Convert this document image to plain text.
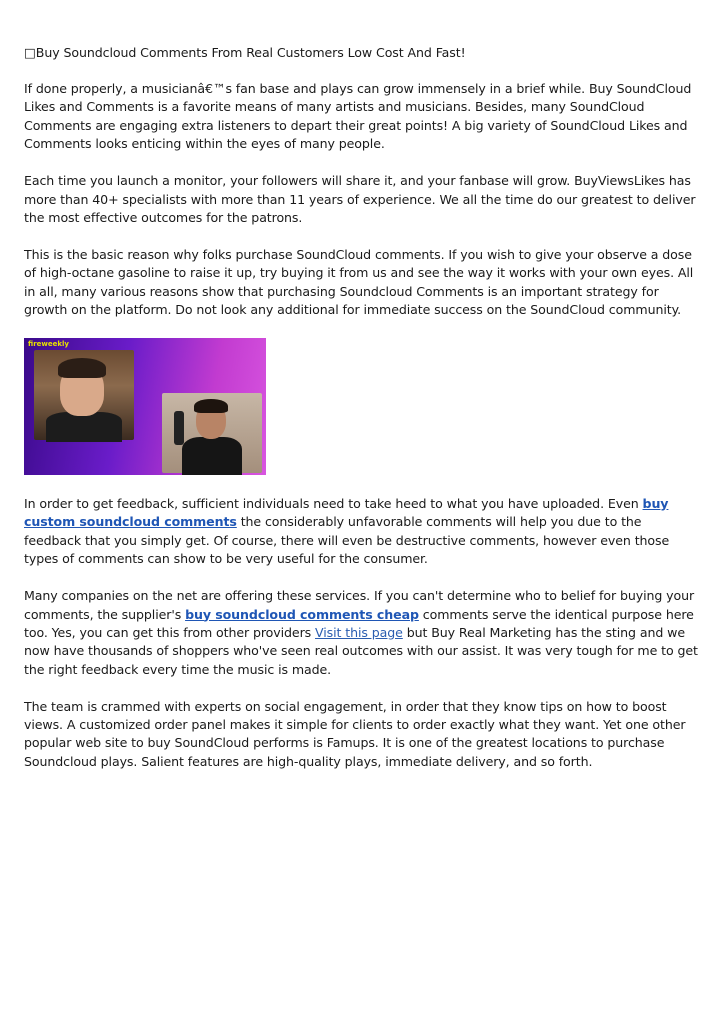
□Buy Soundcloud Comments From Real Customers Low Cost And Fast!

If done properly, a musicianâ€™s fan base and plays can grow immensely in a brief while. Buy SoundCloud Likes and Comments is a favorite means of many artists and musicians. Besides, many SoundCloud Comments are engaging extra listeners to depart their great points! A big variety of SoundCloud Likes and Comments looks enticing within the eyes of many people.

Each time you launch a monitor, your followers will share it, and your fanbase will grow. BuyViewsLikes has more than 40+ specialists with more than 11 years of experience. We all the time do our greatest to deliver the most effective outcomes for the patrons.

This is the basic reason why folks purchase SoundCloud comments. If you wish to give your observe a dose of high-octane gasoline to raise it up, try buying it from us and see the way it works with your own eyes. All in all, many various reasons show that purchasing Soundcloud Comments is an important strategy for growth on the platform. Do not look any additional for immediate success on the SoundCloud community.

fireweekly

In order to get feedback, sufficient individuals need to take heed to what you have uploaded. Even buy custom soundcloud comments the considerably unfavorable comments will help you due to the feedback that you simply get. Of course, there will even be destructive comments, however even those types of comments can show to be very useful for the consumer.

Many companies on the net are offering these services. If you can't determine who to belief for buying your comments, the supplier's buy soundcloud comments cheap comments serve the identical purpose here too. Yes, you can get this from other providers Visit this page but Buy Real Marketing has the sting and we now have thousands of shoppers who've seen real outcomes with our assist. It was very tough for me to get the right feedback every time the music is made.

The team is crammed with experts on social engagement, in order that they know tips on how to boost views. A customized order panel makes it simple for clients to order exactly what they want. Yet one other popular web site to buy SoundCloud performs is Famups. It is one of the greatest locations to purchase Soundcloud plays. Salient features are high-quality plays, immediate delivery, and so forth.
